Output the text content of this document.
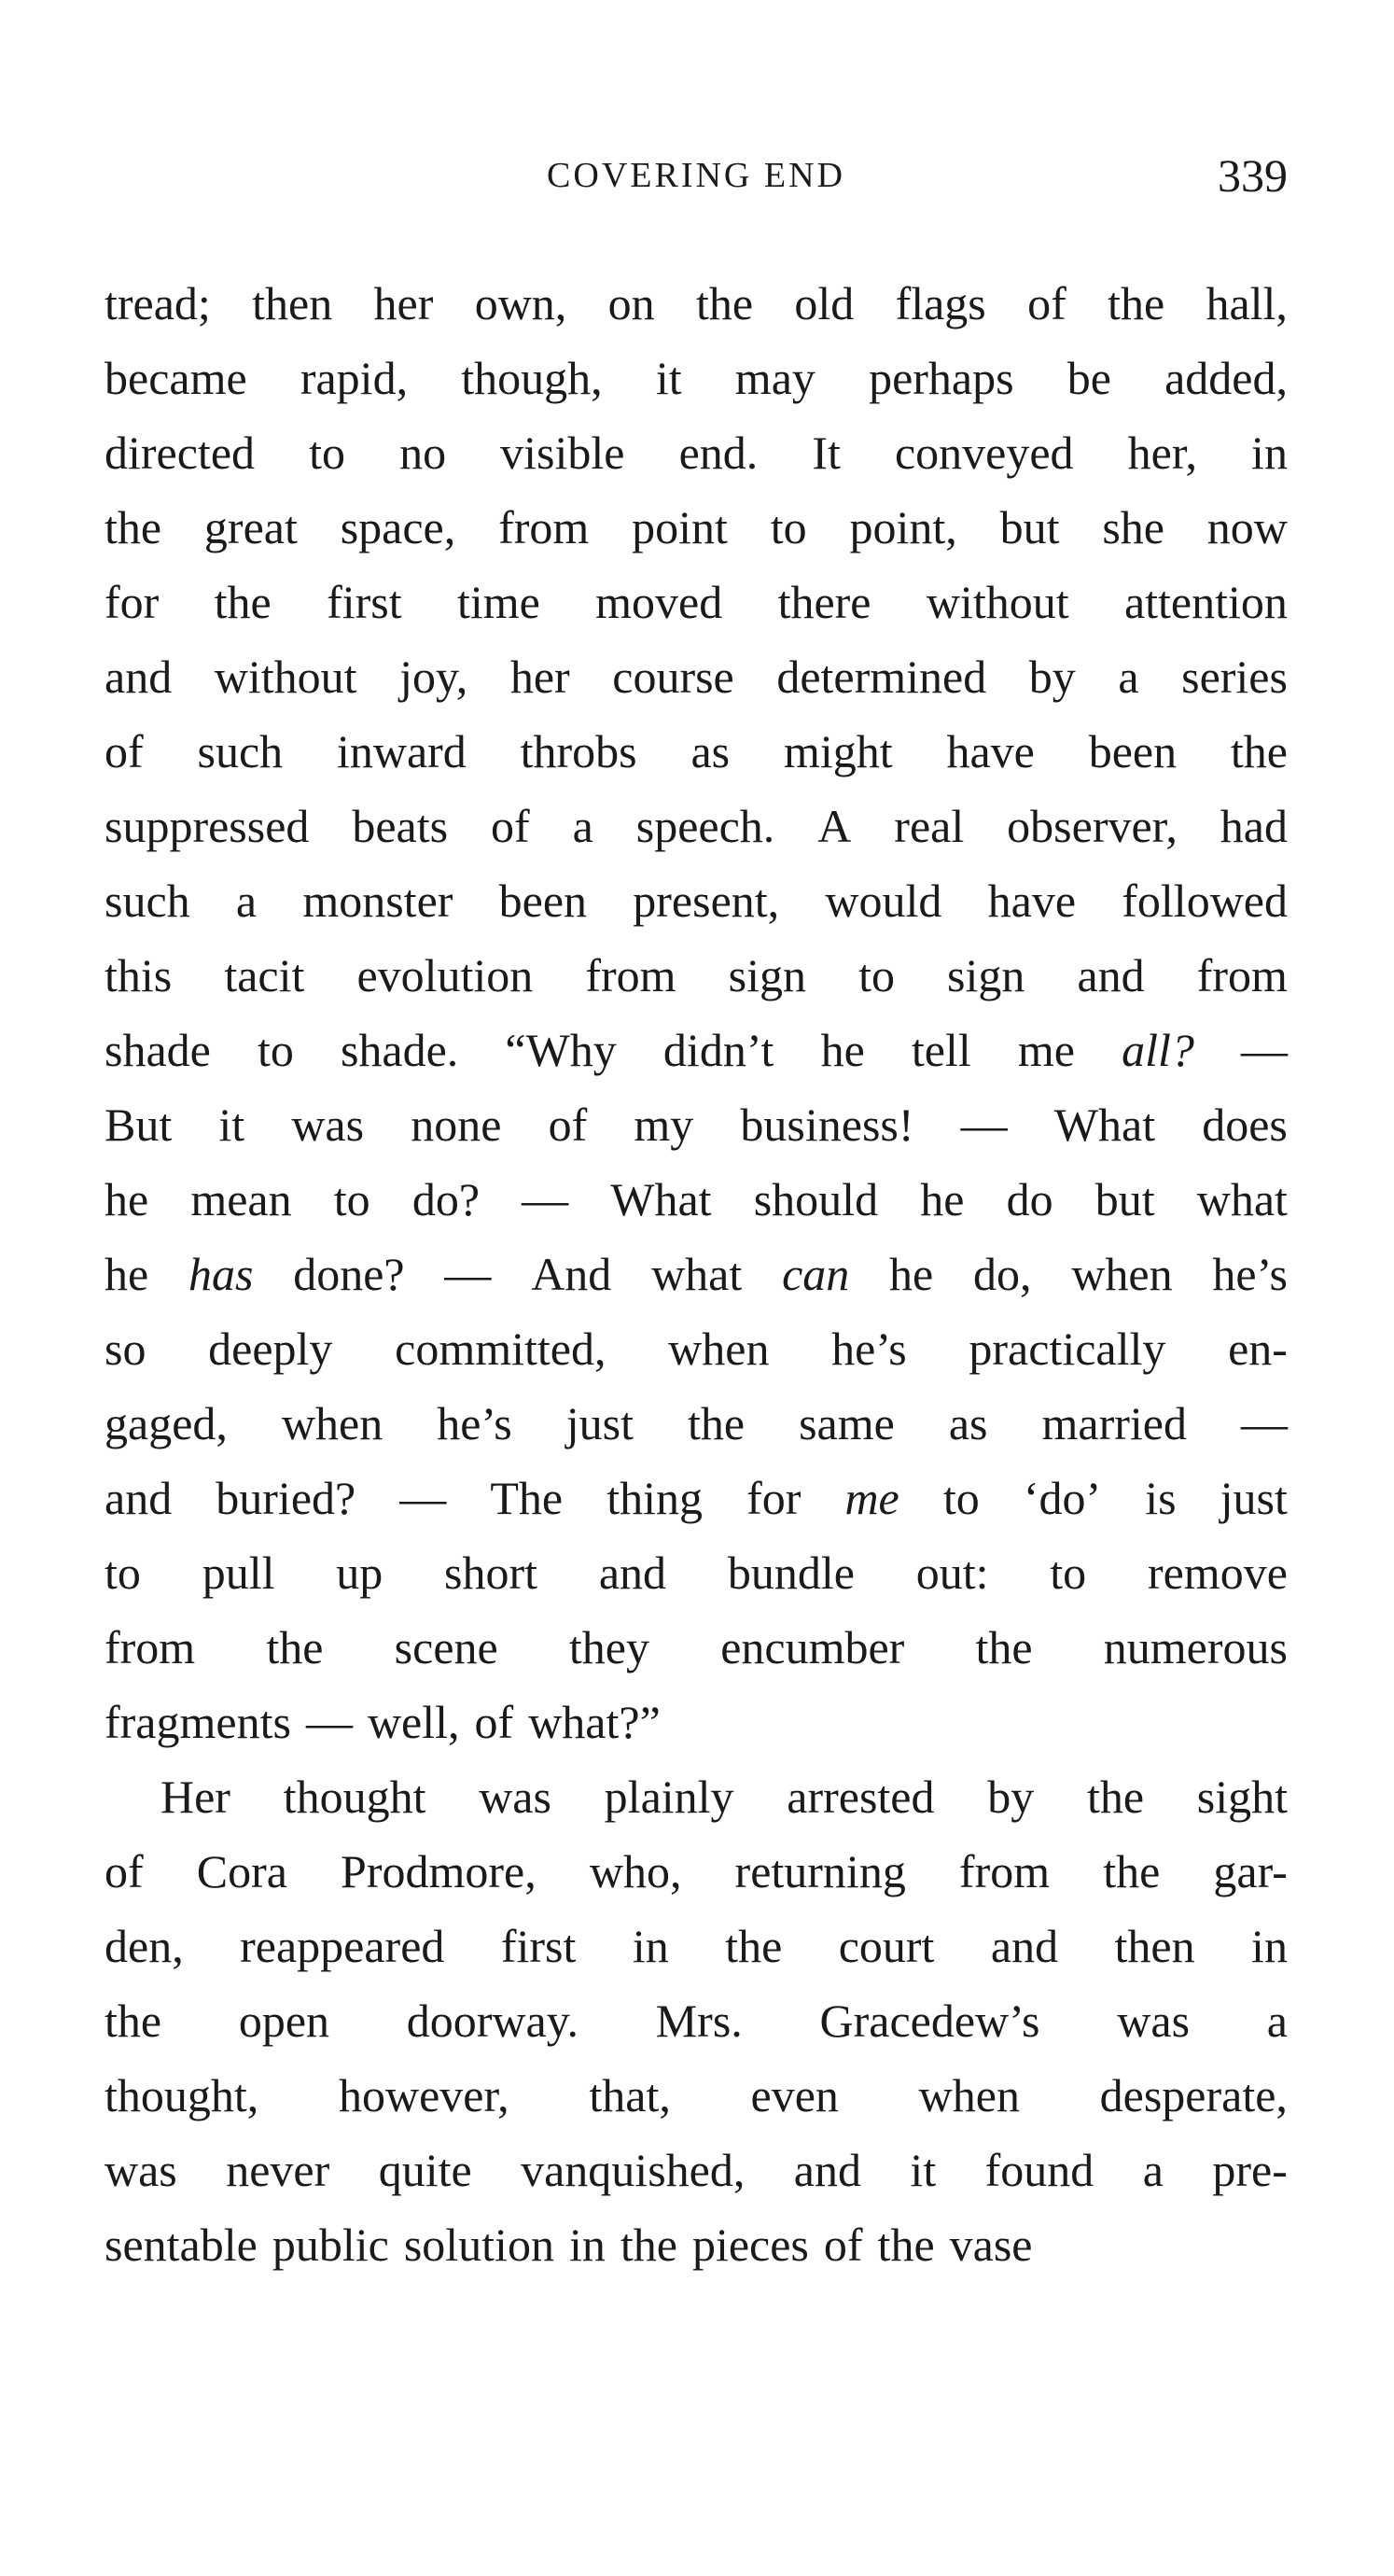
COVERING END	339
tread; then her own, on the old flags of the hall,
became rapid, though, it may perhaps be added,
directed to no visible end. It conveyed her, in
the great space, from point to point, but she now
for the first time moved there without attention
and without joy, her course determined by a series
of such inward throbs as might have been the
suppressed beats of a speech. A real observer, had
such a monster been present, would have followed
this tacit evolution from sign to sign and from
shade to shade. “Why didn’t he tell me all? —
But it was none of my business! — What does
he mean to do? — What should he do but what
he has done? — And what can he do, when he’s
so deeply committed, when he’s practically en-
gaged, when he’s just the same as married —
and buried? — The thing for me to ‘do’ is just
to pull up short and bundle out: to remove
from the scene they encumber the numerous
fragments — well, of what?”
Her thought was plainly arrested by the sight
of Cora Prodmore, who, returning from the gar-
den, reappeared first in the court and then in
the open doorway. Mrs. Gracedew’s was a
thought, however, that, even when desperate,
was never quite vanquished, and it found a pre-
sentable public solution in the pieces of the vase
